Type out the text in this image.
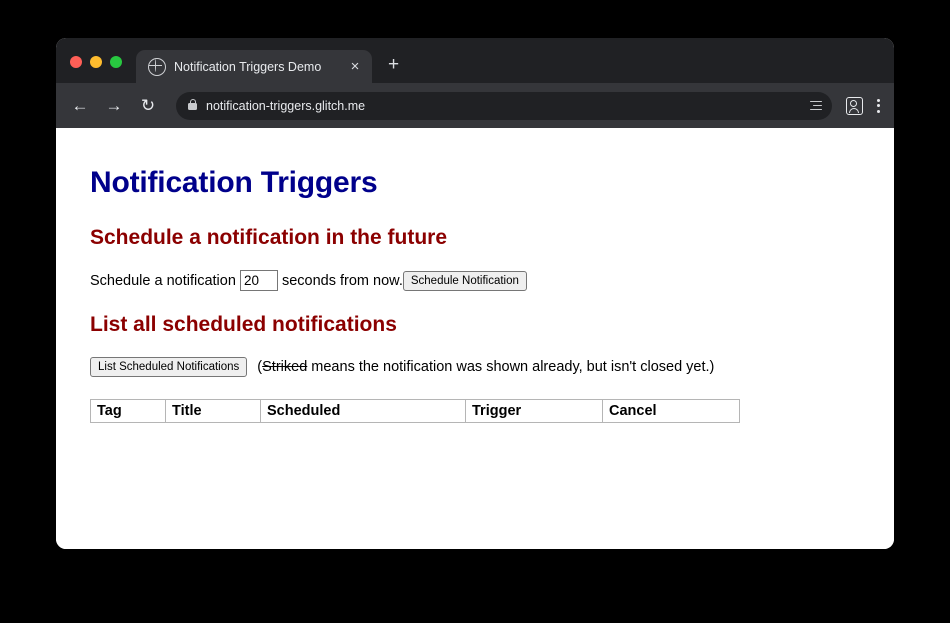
Notification Triggers Demo	× +
← → ↻	notification-triggers.glitch.me
Notification Triggers
Schedule a notification in the future
Schedule a notification
20	seconds from now. Schedule Notification
List all scheduled notifications
List Scheduled Notifications	(Striked means the notification was shown already, but isn't closed yet.)
Tag	Title	Scheduled	Trigger	Cancel
